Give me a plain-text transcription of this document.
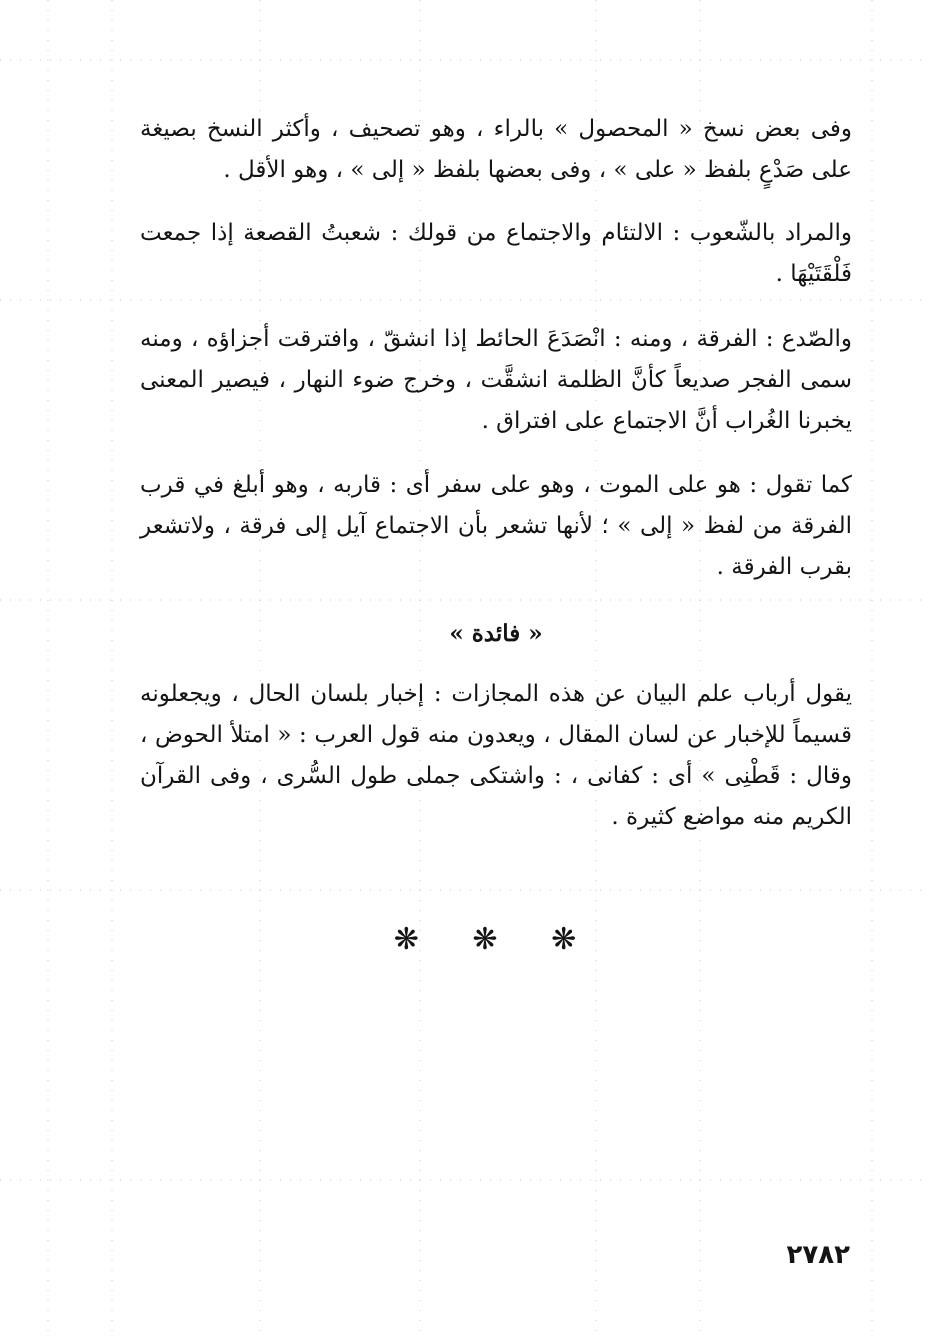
وفى بعض نسخ « المحصول » بالراء ، وهو تصحيف ، وأكثر النسخ بصيغة على صَدْعٍ بلفظ « على » ، وفى بعضها بلفظ « إلى » ، وهو الأقل .

والمراد بالشّعوب : الالتئام والاجتماع من قولك : شعبتُ القصعة إذا جمعت فَلْقَتَيْهَا .

والصّدع : الفرقة ، ومنه : انْصَدَعَ الحائط إذا انشقّ ، وافترقت أجزاؤه ، ومنه سمى الفجر صديعاً كأنَّ الظلمة انشقَّت ، وخرج ضوء النهار ، فيصير المعنى يخبرنا الغُراب أنَّ الاجتماع على افتراق .

كما تقول : هو على الموت ، وهو على سفر أى : قاربه ، وهو أبلغ في قرب الفرقة من لفظ « إلى » ؛ لأنها تشعر بأن الاجتماع آيل إلى فرقة ، ولاتشعر بقرب الفرقة .

« فائدة »

يقول أرباب علم البيان عن هذه المجازات : إخبار بلسان الحال ، ويجعلونه قسيماً للإخبار عن لسان المقال ، ويعدون منه قول العرب : « امتلأ الحوض ، وقال : قَطْنِى » أى : كفانى ، : واشتكى جملى طول السُّرى ، وفى القرآن الكريم منه مواضع كثيرة .

❋ ❋ ❋
٢٧٨٢
